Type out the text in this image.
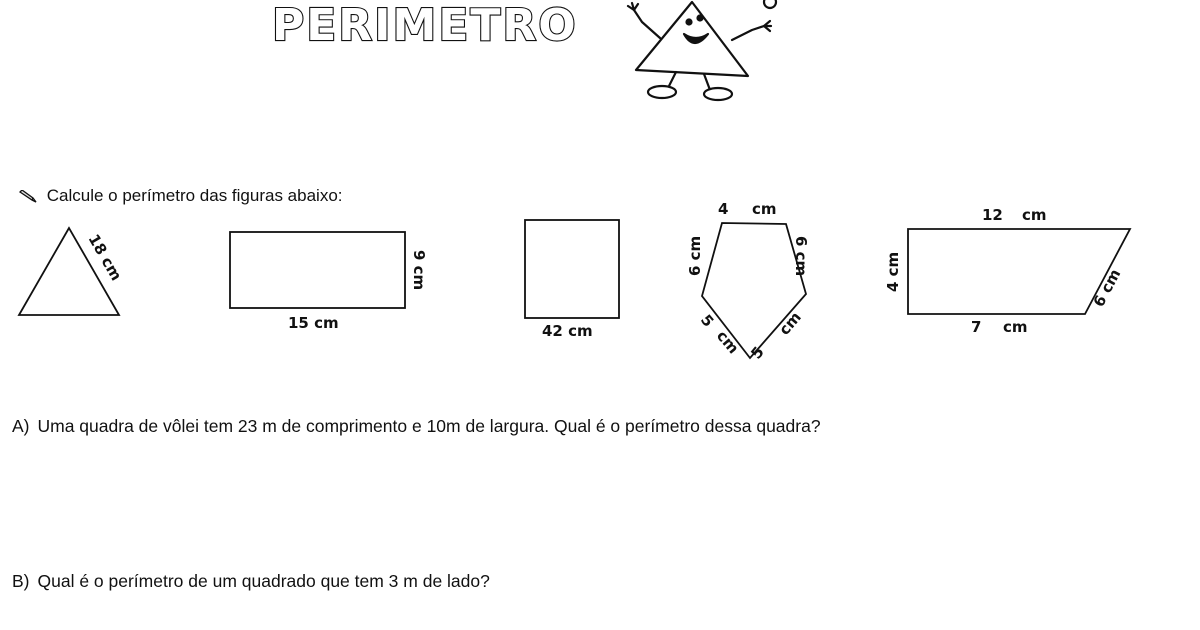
PERIMETRO
Calcule o perímetro das figuras abaixo:
18 cm
15 cm
9 cm
42 cm
4 cm
6 cm	6 cm
5
cm
cm
5
12 cm
7 cm
4 cm	6 cm
A) Uma quadra de vôlei tem 23 m de comprimento e 10m de largura. Qual é o perímetro dessa quadra?
B) Qual é o perímetro de um quadrado que tem 3 m de lado?
